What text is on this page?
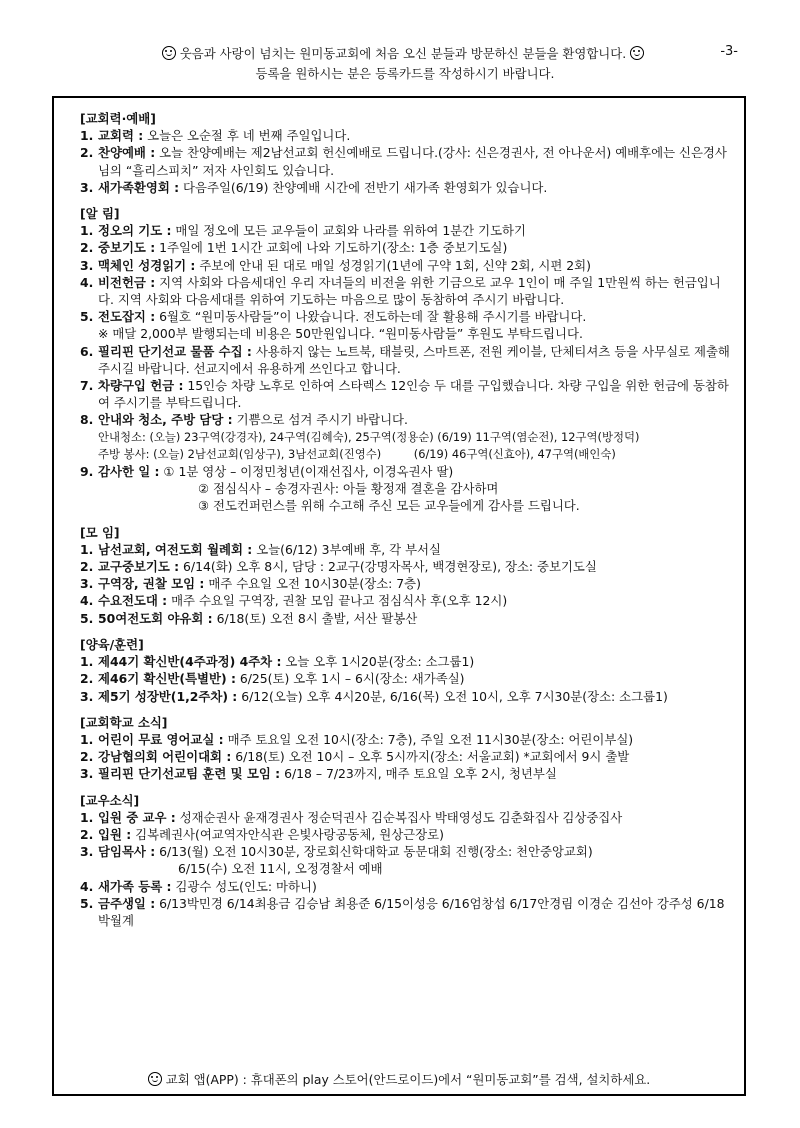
웃음과 사랑이 넘치는 원미동교회에 처음 오신 분들과 방문하신 분들을 환영합니다.
등록을 원하시는 분은 등록카드를 작성하시기 바랍니다.
-3-
[교회력·예배]
1. 교회력 : 오늘은 오순절 후 네 번째 주일입니다.
2. 찬양예배 : 오늘 찬양예배는 제2남선교회 헌신예배로 드립니다.(강사: 신은경권사, 전 아나운서) 예배후에는 신은경사님의 “흘리스피치” 저자 사인회도 있습니다.
3. 새가족환영회 : 다음주일(6/19) 찬양예배 시간에 전반기 새가족 환영회가 있습니다.
[알 림]
1. 정오의 기도 : 매일 정오에 모든 교우들이 교회와 나라를 위하여 1분간 기도하기
2. 중보기도 : 1주일에 1번 1시간 교회에 나와 기도하기(장소: 1층 중보기도실)
3. 맥체인 성경읽기 : 주보에 안내 된 대로 매일 성경읽기(1년에 구약 1회, 신약 2회, 시편 2회)
4. 비전헌금 : 지역 사회와 다음세대인 우리 자녀들의 비전을 위한 기금으로 교우 1인이 매 주일 1만원씩 하는 헌금입니다. 지역 사회와 다음세대를 위하여 기도하는 마음으로 많이 동참하여 주시기 바랍니다.
5. 전도잡지 : 6월호 “원미동사람들”이 나왔습니다. 전도하는데 잘 활용해 주시기를 바랍니다.
※ 매달 2,000부 발행되는데 비용은 50만원입니다. “원미동사람들” 후원도 부탁드립니다.
6. 필리핀 단기선교 물품 수집 : 사용하지 않는 노트북, 태블릿, 스마트폰, 전원 케이블, 단체티셔츠 등을 사무실로 제출해 주시길 바랍니다. 선교지에서 유용하게 쓰인다고 합니다.
7. 차량구입 헌금 : 15인승 차량 노후로 인하여 스타렉스 12인승 두 대를 구입했습니다. 차량 구입을 위한 헌금에 동참하여 주시기를 부탁드립니다.
8. 안내와 청소, 주방 담당 : 기쁨으로 섬겨 주시기 바랍니다.
안내청소: (오늘) 23구역(강경자), 24구역(김혜숙), 25구역(정용순) (6/19) 11구역(염순전), 12구역(방정덕)
주방 봉사: (오늘) 2남선교회(임상구), 3남선교회(진영수)         (6/19) 46구역(신효아), 47구역(배인숙)
9. 감사한 일 : ① 1분 영상 – 이정민청년(이재선집사, 이경옥권사 딸)
② 점심식사 – 송경자권사: 아들 황정재 결혼을 감사하며
③ 전도컨퍼런스를 위해 수고해 주신 모든 교우들에게 감사를 드립니다.
[모 임]
1. 남선교회, 여전도회 월례회 : 오늘(6/12) 3부예배 후, 각 부서실
2. 교구중보기도 : 6/14(화) 오후 8시, 담당 : 2교구(강명자목사, 백경현장로), 장소: 중보기도실
3. 구역장, 권찰 모임 : 매주 수요일 오전 10시30분(장소: 7층)
4. 수요전도대 : 매주 수요일 구역장, 권찰 모임 끝나고 점심식사 후(오후 12시)
5. 50여전도회 야유회 : 6/18(토) 오전 8시 출발, 서산 팔봉산
[양육/훈련]
1. 제44기 확신반(4주과정) 4주차 : 오늘 오후 1시20분(장소: 소그룹1)
2. 제46기 확신반(특별반) : 6/25(토) 오후 1시 – 6시(장소: 새가족실)
3. 제5기 성장반(1,2주차) : 6/12(오늘) 오후 4시20분, 6/16(목) 오전 10시, 오후 7시30분(장소: 소그룹1)
[교회학교 소식]
1. 어린이 무료 영어교실 : 매주 토요일 오전 10시(장소: 7층), 주일 오전 11시30분(장소: 어린이부실)
2. 강남협의회 어린이대회 : 6/18(토) 오전 10시 – 오후 5시까지(장소: 서울교회) *교회에서 9시 출발
3. 필리핀 단기선교팀 훈련 및 모임 : 6/18 – 7/23까지, 매주 토요일 오후 2시, 청년부실
[교우소식]
1. 입원 중 교우 : 성재순권사 윤재경권사 정순덕권사 김순복집사 박태영성도 김춘화집사 김상중집사
2. 입원 : 김복례권사(여교역자안식관 은빛사랑공동체, 원상근장로)
3. 담임목사 : 6/13(월) 오전 10시30분, 장로회신학대학교 동문대회 진행(장소: 천안중앙교회)
6/15(수) 오전 11시, 오정경찰서 예배
4. 새가족 등록 : 김광수 성도(인도: 마하니)
5. 금주생일 : 6/13박민경 6/14최용금 김승남 최용준 6/15이성응 6/16엄창섭 6/17안경림 이경순 김선아 강주성 6/18박월계
교회 앱(APP) : 휴대폰의 play 스토어(안드로이드)에서 “원미동교회”를 검색, 설치하세요.
